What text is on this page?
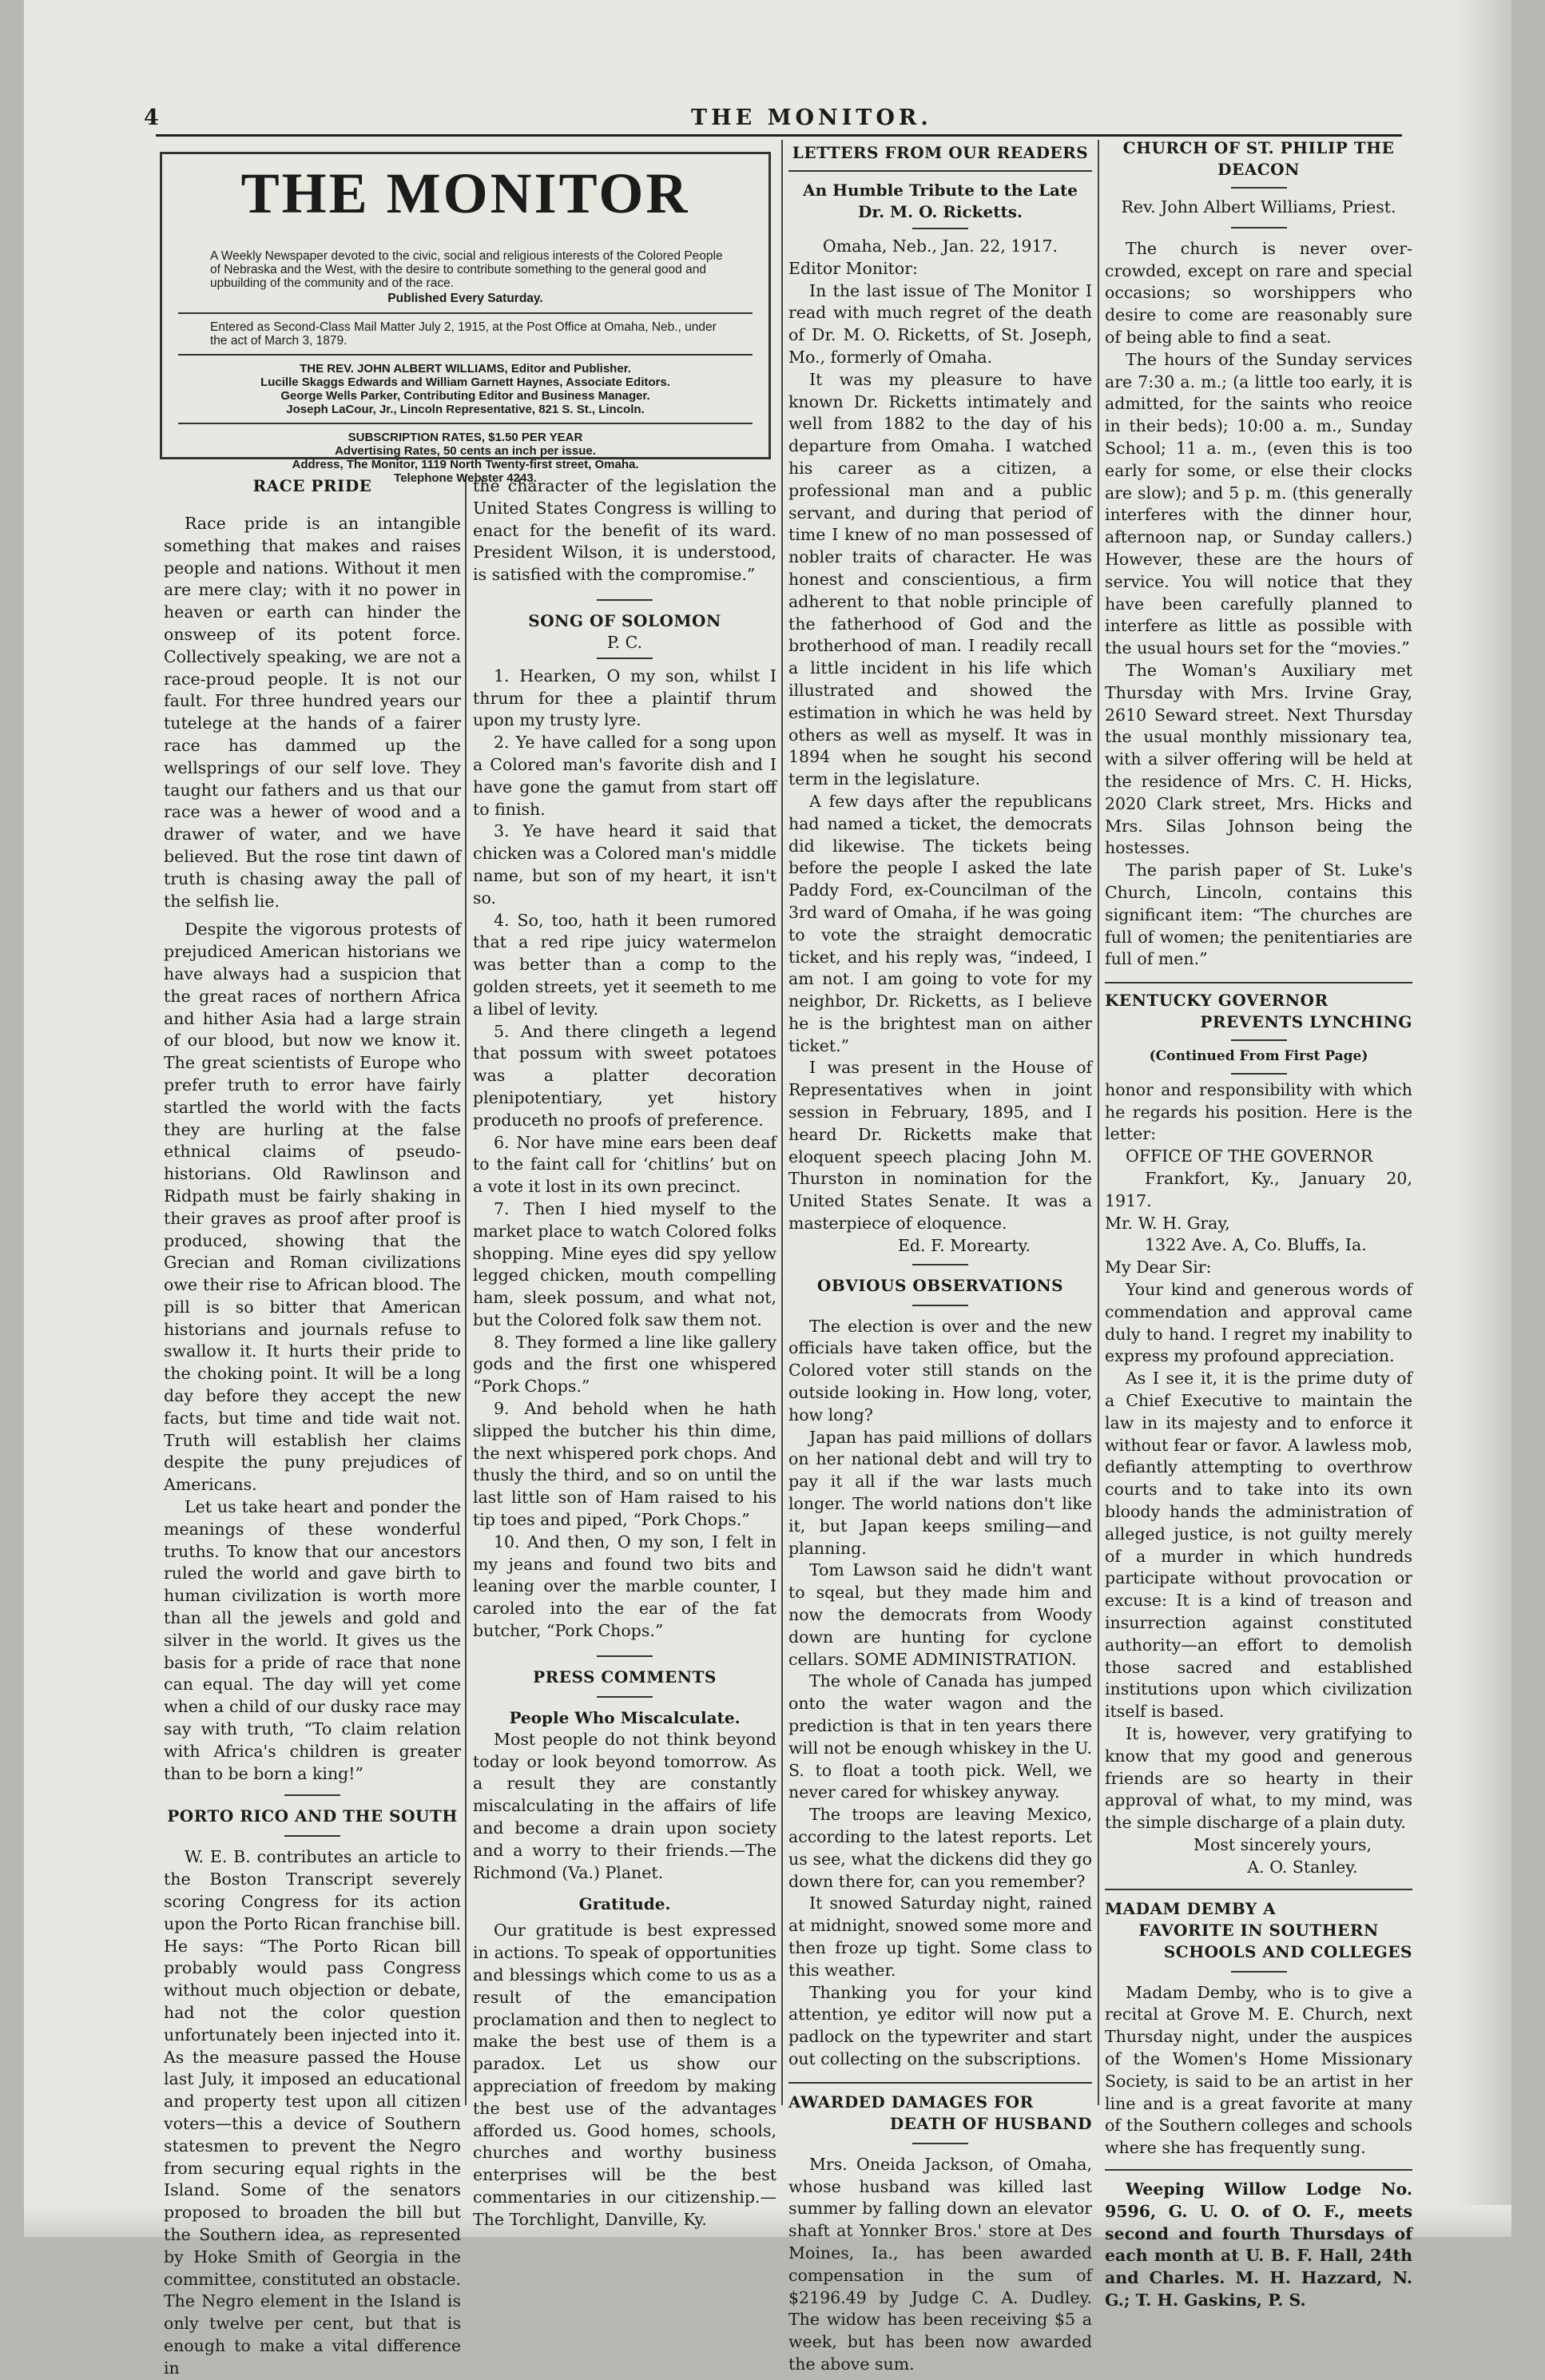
4	THE MONITOR.
THE MONITOR
A Weekly Newspaper devoted to the civic, social and religious interests of the Colored People of Nebraska and the West, with the desire to contribute something to the general good and upbuilding of the community and of the race.
Published Every Saturday.
Entered as Second-Class Mail Matter July 2, 1915, at the Post Office at Omaha, Neb., under the act of March 3, 1879.
THE REV. JOHN ALBERT WILLIAMS, Editor and Publisher.
Lucille Skaggs Edwards and William Garnett Haynes, Associate Editors.
George Wells Parker, Contributing Editor and Business Manager.
Joseph LaCour, Jr., Lincoln Representative, 821 S. St., Lincoln.
SUBSCRIPTION RATES, $1.50 PER YEAR
Advertising Rates, 50 cents an inch per issue.
Address, The Monitor, 1119 North Twenty-first street, Omaha.
Telephone Webster 4243.
RACE PRIDE

Race pride is an intangible something that makes and raises people and nations. Without it men are mere clay; with it no power in heaven or earth can hinder the onsweep of its potent force. Collectively speaking, we are not a race-proud people. It is not our fault. For three hundred years our tutelege at the hands of a fairer race has dammed up the wellsprings of our self love. They taught our fathers and us that our race was a hewer of wood and a drawer of water, and we have believed. But the rose tint dawn of truth is chasing away the pall of the selfish lie.

Despite the vigorous protests of prejudiced American historians we have always had a suspicion that the great races of northern Africa and hither Asia had a large strain of our blood, but now we know it. The great scientists of Europe who prefer truth to error have fairly startled the world with the facts they are hurling at the false ethnical claims of pseudo-historians. Old Rawlinson and Ridpath must be fairly shaking in their graves as proof after proof is produced, showing that the Grecian and Roman civilizations owe their rise to African blood. The pill is so bitter that American historians and journals refuse to swallow it. It hurts their pride to the choking point. It will be a long day before they accept the new facts, but time and tide wait not. Truth will establish her claims despite the puny prejudices of Americans.

Let us take heart and ponder the meanings of these wonderful truths. To know that our ancestors ruled the world and gave birth to human civilization is worth more than all the jewels and gold and silver in the world. It gives us the basis for a pride of race that none can equal. The day will yet come when a child of our dusky race may say with truth, “To claim relation with Africa's children is greater than to be born a king!”

PORTO RICO AND THE SOUTH

W. E. B. contributes an article to the Boston Transcript severely scoring Congress for its action upon the Porto Rican franchise bill. He says: “The Porto Rican bill probably would pass Congress without much objection or debate, had not the color question unfortunately been injected into it. As the measure passed the House last July, it imposed an educational and property test upon all citizen voters—this a device of Southern statesmen to prevent the Negro from securing equal rights in the Island. Some of the senators proposed to broaden the bill but the Southern idea, as represented by Hoke Smith of Georgia in the committee, constituted an obstacle. The Negro element in the Island is only twelve per cent, but that is enough to make a vital difference in

the character of the legislation the United States Congress is willing to enact for the benefit of its ward. President Wilson, it is understood, is satisfied with the compromise.”

SONG OF SOLOMON

P. C.

1. Hearken, O my son, whilst I thrum for thee a plaintif thrum upon my trusty lyre.

2. Ye have called for a song upon a Colored man's favorite dish and I have gone the gamut from start off to finish.

3. Ye have heard it said that chicken was a Colored man's middle name, but son of my heart, it isn't so.

4. So, too, hath it been rumored that a red ripe juicy watermelon was better than a comp to the golden streets, yet it seemeth to me a libel of levity.

5. And there clingeth a legend that possum with sweet potatoes was a platter decoration plenipotentiary, yet history produceth no proofs of preference.

6. Nor have mine ears been deaf to the faint call for ‘chitlins’ but on a vote it lost in its own precinct.

7. Then I hied myself to the market place to watch Colored folks shopping. Mine eyes did spy yellow legged chicken, mouth compelling ham, sleek possum, and what not, but the Colored folk saw them not.

8. They formed a line like gallery gods and the first one whispered “Pork Chops.”

9. And behold when he hath slipped the butcher his thin dime, the next whispered pork chops. And thusly the third, and so on until the last little son of Ham raised to his tip toes and piped, “Pork Chops.”

10. And then, O my son, I felt in my jeans and found two bits and leaning over the marble counter, I caroled into the ear of the fat butcher, “Pork Chops.”

PRESS COMMENTS
People Who Miscalculate.

Most people do not think beyond today or look beyond tomorrow. As a result they are constantly miscalculating in the affairs of life and become a drain upon society and a worry to their friends.—The Richmond (Va.) Planet.

Gratitude.

Our gratitude is best expressed in actions. To speak of opportunities and blessings which come to us as a result of the emancipation proclamation and then to neglect to make the best use of them is a paradox. Let us show our appreciation of freedom by making the best use of the advantages afforded us. Good homes, schools, churches and worthy business enterprises will be the best commentaries in our citizenship.—The Torchlight, Danville, Ky.

LETTERS FROM OUR READERS
An Humble Tribute to the Late Dr. M. O. Ricketts.

Omaha, Neb., Jan. 22, 1917.

Editor Monitor:

In the last issue of The Monitor I read with much regret of the death of Dr. M. O. Ricketts, of St. Joseph, Mo., formerly of Omaha.

It was my pleasure to have known Dr. Ricketts intimately and well from 1882 to the day of his departure from Omaha. I watched his career as a citizen, a professional man and a public servant, and during that period of time I knew of no man possessed of nobler traits of character. He was honest and conscientious, a firm adherent to that noble principle of the fatherhood of God and the brotherhood of man. I readily recall a little incident in his life which illustrated and showed the estimation in which he was held by others as well as myself. It was in 1894 when he sought his second term in the legislature.

A few days after the republicans had named a ticket, the democrats did likewise. The tickets being before the people I asked the late Paddy Ford, ex-Councilman of the 3rd ward of Omaha, if he was going to vote the straight democratic ticket, and his reply was, “indeed, I am not. I am going to vote for my neighbor, Dr. Ricketts, as I believe he is the brightest man on aither ticket.”

I was present in the House of Representatives when in joint session in February, 1895, and I heard Dr. Ricketts make that eloquent speech placing John M. Thurston in nomination for the United States Senate. It was a masterpiece of eloquence.

Ed. F. Morearty.

OBVIOUS OBSERVATIONS

The election is over and the new officials have taken office, but the Colored voter still stands on the outside looking in. How long, voter, how long?

Japan has paid millions of dollars on her national debt and will try to pay it all if the war lasts much longer. The world nations don't like it, but Japan keeps smiling—and planning.

Tom Lawson said he didn't want to sqeal, but they made him and now the democrats from Woody down are hunting for cyclone cellars. SOME ADMINISTRATION.

The whole of Canada has jumped onto the water wagon and the prediction is that in ten years there will not be enough whiskey in the U. S. to float a tooth pick. Well, we never cared for whiskey anyway.

The troops are leaving Mexico, according to the latest reports. Let us see, what the dickens did they go down there for, can you remember?

It snowed Saturday night, rained at midnight, snowed some more and then froze up tight. Some class to this weather.

Thanking you for your kind attention, ye editor will now put a padlock on the typewriter and start out collecting on the subscriptions.

AWARDED DAMAGES FOR
DEATH OF HUSBAND

Mrs. Oneida Jackson, of Omaha, whose husband was killed last summer by falling down an elevator shaft at Yonnker Bros.' store at Des Moines, Ia., has been awarded compensation in the sum of $2196.49 by Judge C. A. Dudley. The widow has been receiving $5 a week, but has been now awarded the above sum.

CHURCH OF ST. PHILIP THE
DEACON

Rev. John Albert Williams, Priest.

The church is never over-crowded, except on rare and special occasions; so worshippers who desire to come are reasonably sure of being able to find a seat.

The hours of the Sunday services are 7:30 a. m.; (a little too early, it is admitted, for the saints who reoice in their beds); 10:00 a. m., Sunday School; 11 a. m., (even this is too early for some, or else their clocks are slow); and 5 p. m. (this generally interferes with the dinner hour, afternoon nap, or Sunday callers.) However, these are the hours of service. You will notice that they have been carefully planned to interfere as little as possible with the usual hours set for the “movies.”

The Woman's Auxiliary met Thursday with Mrs. Irvine Gray, 2610 Seward street. Next Thursday the usual monthly missionary tea, with a silver offering will be held at the residence of Mrs. C. H. Hicks, 2020 Clark street, Mrs. Hicks and Mrs. Silas Johnson being the hostesses.

The parish paper of St. Luke's Church, Lincoln, contains this significant item: “The churches are full of women; the penitentiaries are full of men.”

KENTUCKY GOVERNOR
PREVENTS LYNCHING

(Continued From First Page)

honor and responsibility with which he regards his position. Here is the letter:

OFFICE OF THE GOVERNOR

Frankfort, Ky., January 20, 1917.

Mr. W. H. Gray,

1322 Ave. A, Co. Bluffs, Ia.

My Dear Sir:

Your kind and generous words of commendation and approval came duly to hand. I regret my inability to express my profound appreciation.

As I see it, it is the prime duty of a Chief Executive to maintain the law in its majesty and to enforce it without fear or favor. A lawless mob, defiantly attempting to overthrow courts and to take into its own bloody hands the administration of alleged justice, is not guilty merely of a murder in which hundreds participate without provocation or excuse: It is a kind of treason and insurrection against constituted authority—an effort to demolish those sacred and established institutions upon which civilization itself is based.

It is, however, very gratifying to know that my good and generous friends are so hearty in their approval of what, to my mind, was the simple discharge of a plain duty.

Most sincerely yours,

A. O. Stanley.

MADAM DEMBY A
FAVORITE IN SOUTHERN
SCHOOLS AND COLLEGES

Madam Demby, who is to give a recital at Grove M. E. Church, next Thursday night, under the auspices of the Women's Home Missionary Society, is said to be an artist in her line and is a great favorite at many of the Southern colleges and schools where she has frequently sung.

Weeping Willow Lodge No. 9596, G. U. O. of O. F., meets second and fourth Thursdays of each month at U. B. F. Hall, 24th and Charles. M. H. Hazzard, N. G.; T. H. Gaskins, P. S.
